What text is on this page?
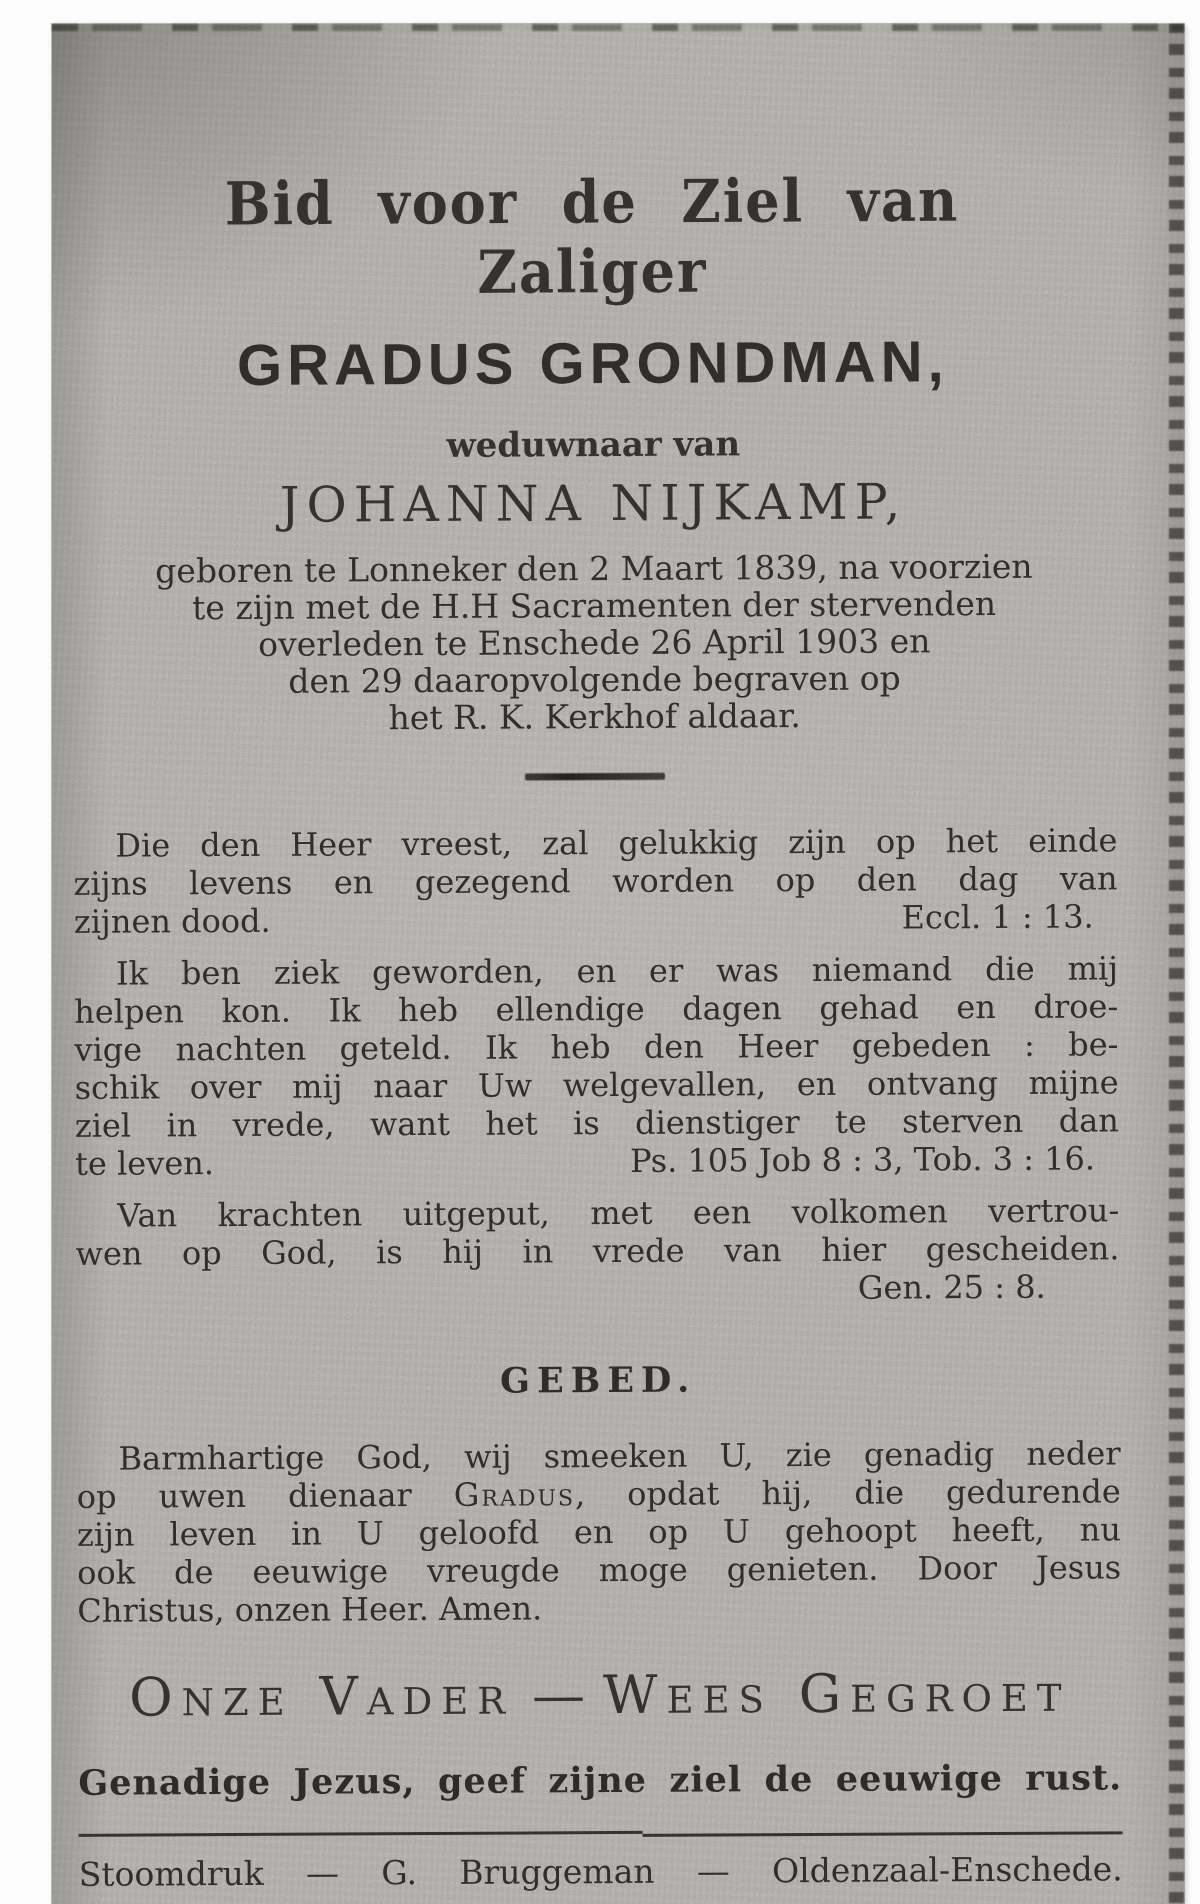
Bid voor de Ziel van Zaliger
GRADUS GRONDMAN,
weduwnaar van
JOHANNA NIJKAMP,
geboren te Lonneker den 2 Maart 1839, na voorzien
te zijn met de H.H Sacramenten der stervenden
overleden te Enschede 26 April 1903 en
den 29 daaropvolgende begraven op
het R. K. Kerkhof aldaar.
Die den Heer vreest, zal gelukkig zijn op het einde
zijns levens en gezegend worden op den dag van
zijnen dood.	Eccl. 1 : 13.
Ik ben ziek geworden, en er was niemand die mij
helpen kon. Ik heb ellendige dagen gehad en droe-
vige nachten geteld. Ik heb den Heer gebeden : be-
schik over mij naar Uw welgevallen, en ontvang mijne
ziel in vrede, want het is dienstiger te sterven dan
te leven.	Ps. 105 Job 8 : 3, Tob. 3 : 16.
Van krachten uitgeput, met een volkomen vertrou-
wen op God, is hij in vrede van hier gescheiden.
Gen. 25 : 8.
GEBED.
Barmhartige God, wij smeeken U, zie genadig neder
op uwen dienaar Gradus, opdat hij, die gedurende
zijn leven in U geloofd en op U gehoopt heeft, nu
ook de eeuwige vreugde moge genieten. Door Jesus
Christus, onzen Heer. Amen.
Onze Vader — Wees Gegroet
Genadige Jezus, geef zijne ziel de eeuwige rust.
Stoomdruk — G. Bruggeman — Oldenzaal-Enschede.
